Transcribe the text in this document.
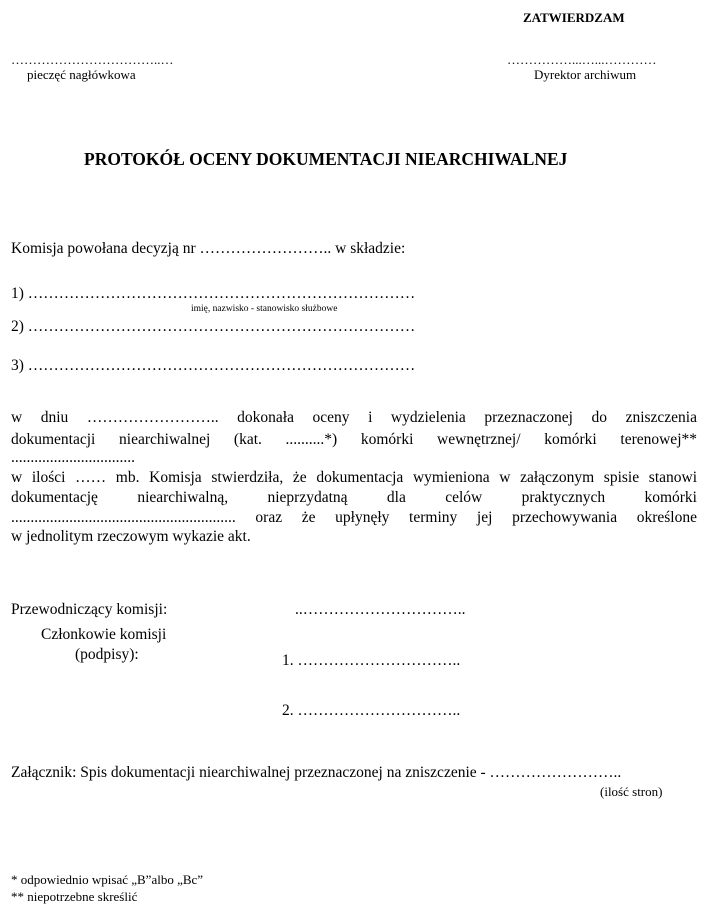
ZATWIERDZAM
……………………………..…
pieczęć nagłówkowa
……………...…...…………
Dyrektor archiwum
PROTOKÓŁ OCENY DOKUMENTACJI NIEARCHIWALNEJ
Komisja powołana decyzją nr …………………….. w składzie:
1) …………………………………………………………………
imię, nazwisko - stanowisko służbowe
2) …………………………………………………………………
3) …………………………………………………………………
w dniu …………………….. dokonała oceny i wydzielenia przeznaczonej do zniszczenia
dokumentacji niearchiwalnej (kat. ..........*) komórki wewnętrznej/ komórki terenowej**
................................
w ilości …… mb. Komisja stwierdziła, że dokumentacja wymieniona w załączonym spisie stanowi
dokumentację niearchiwalną, nieprzydatną dla celów praktycznych komórki
.......................................................... oraz że upłynęły terminy jej przechowywania określone
w jednolitym rzeczowym wykazie akt.
Przewodniczący komisji:	..…………………………..
Członkowie komisji
(podpisy):	1. …………………………..
2. …………………………..
Załącznik: Spis dokumentacji niearchiwalnej przeznaczonej na zniszczenie - ……………………..
(ilość stron)
* odpowiednio wpisać „B”albo „Bc”
** niepotrzebne skreślić
